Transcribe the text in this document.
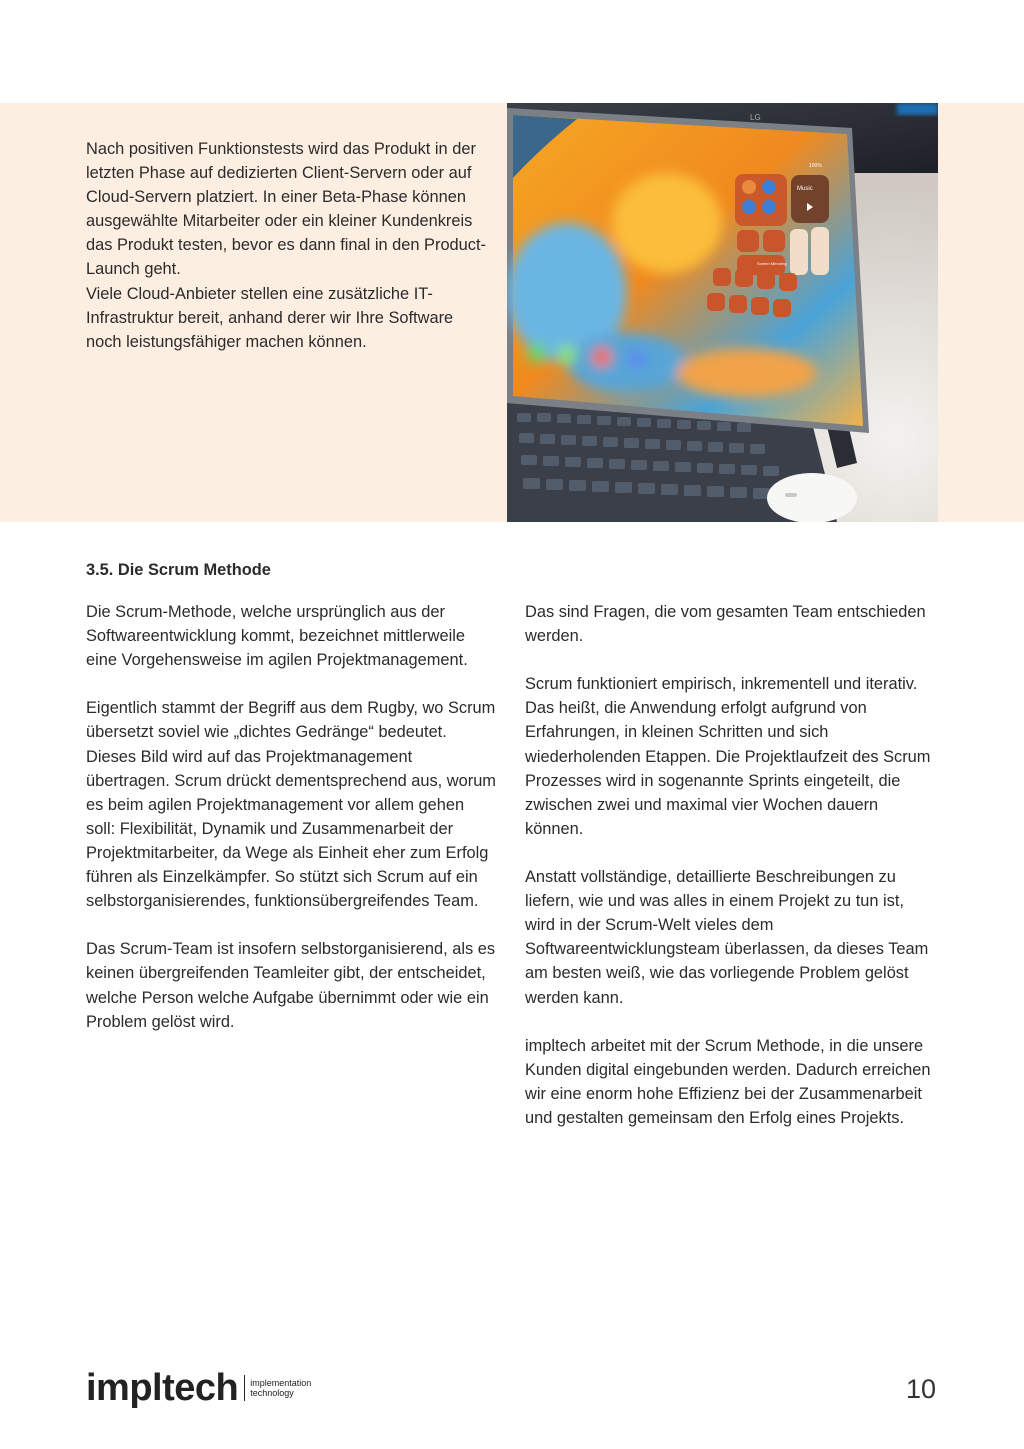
Nach positiven Funktionstests wird das Produkt in der letzten Phase auf dedizierten Client-Servern oder auf Cloud-Servern platziert. In einer Beta-Phase können ausgewählte Mitarbeiter oder ein kleiner Kundenkreis das Produkt testen, bevor es dann final in den Product-Launch geht.

Viele Cloud-Anbieter stellen eine zusätzliche IT-Infrastruktur bereit, anhand derer wir Ihre Software noch leistungsfähiger machen können.

LG
Music
Screen Mirroring
100%
3.5. Die Scrum Methode

Die Scrum-Methode, welche ursprünglich aus der Softwareentwicklung kommt, bezeichnet mittlerweile eine Vorgehensweise im agilen Projektmanagement.

Eigentlich stammt der Begriff aus dem Rugby, wo Scrum übersetzt soviel wie „dichtes Gedränge“ bedeutet. Dieses Bild wird auf das Projektmanagement übertragen. Scrum drückt dementsprechend aus, worum es beim agilen Projektmanagement vor allem gehen soll: Flexibilität, Dynamik und Zusammenarbeit der Projektmitarbeiter, da Wege als Einheit eher zum Erfolg führen als Einzelkämpfer. So stützt sich Scrum auf ein selbstorganisierendes, funktionsübergreifendes Team.

Das Scrum-Team ist insofern selbstorganisierend, als es keinen übergreifenden Teamleiter gibt, der entscheidet, welche Person welche Aufgabe übernimmt oder wie ein Problem gelöst wird.

Das sind Fragen, die vom gesamten Team entschieden werden.

Scrum funktioniert empirisch, inkrementell und iterativ. Das heißt, die Anwendung erfolgt aufgrund von Erfahrungen, in kleinen Schritten und sich wiederholenden Etappen. Die Projektlaufzeit des Scrum Prozesses wird in sogenannte Sprints eingeteilt, die zwischen zwei und maximal vier Wochen dauern können.

Anstatt vollständige, detaillierte Beschreibungen zu liefern, wie und was alles in einem Projekt zu tun ist, wird in der Scrum-Welt vieles dem Softwareentwicklungsteam überlassen, da dieses Team am besten weiß, wie das vorliegende Problem gelöst werden kann.

impltech arbeitet mit der Scrum Methode, in die unsere Kunden digital eingebunden werden. Dadurch erreichen wir eine enorm hohe Effizienz bei der Zusammenarbeit und gestalten gemeinsam den Erfolg eines Projekts.

impltech implementation
technology	10
